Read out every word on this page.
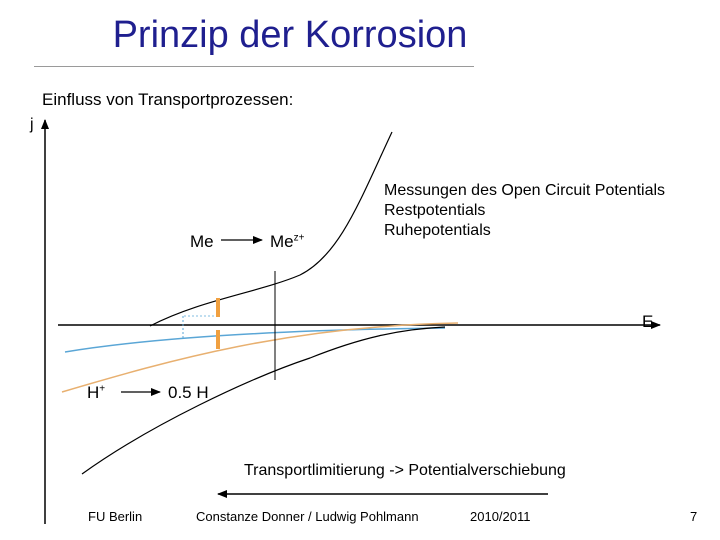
Prinzip der Korrosion
Einfluss von Transportprozessen:
j
E
Me	$Me^{z+}$
H+	0.5 H
Messungen des Open Circuit Potentials
Restpotentials
Ruhepotentials
Transportlimitierung -> Potentialverschiebung
FU Berlin	Constanze Donner / Ludwig Pohlmann	2010/2011	7
